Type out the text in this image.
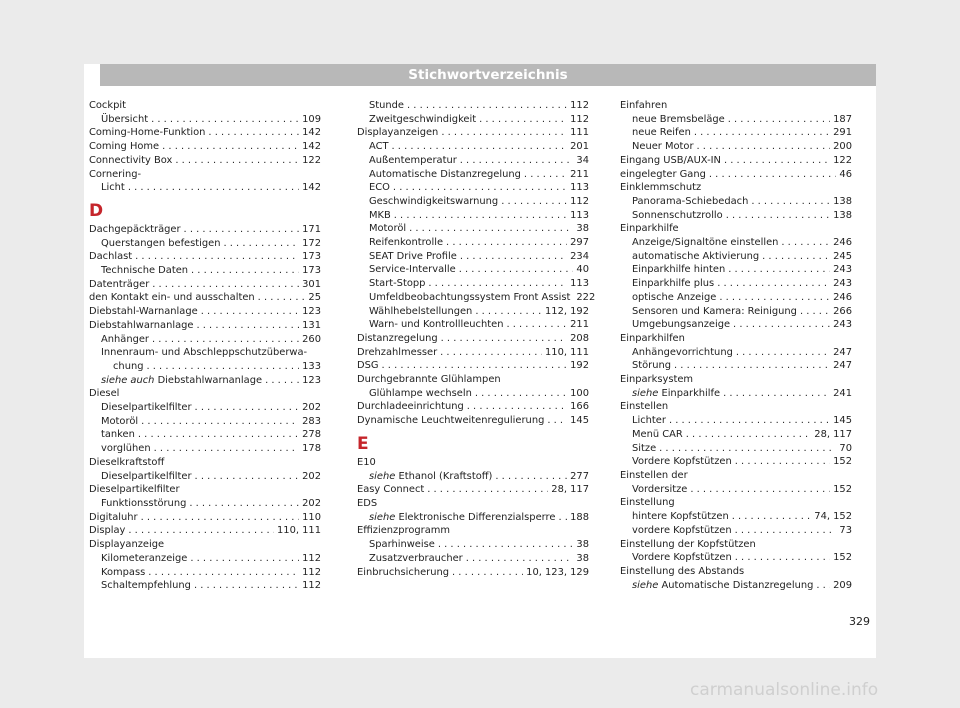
Stichwortverzeichnis
Cockpit
Übersicht . . .	109
Coming-Home-Funktion . . .	142
Coming Home . . .	142
Connectivity Box . . .	122
Cornering-
Licht . . .	142
D
Dachgepäckträger . . .	171
Querstangen befestigen . . .	172
Dachlast . . .	173
Technische Daten . . .	173
Datenträger . . .	301
den Kontakt ein- und ausschalten . . .	25
Diebstahl-Warnanlage . . .	123
Diebstahlwarnanlage . . .	131
Anhänger . . .	260
Innenraum- und Abschleppschutzüberwa-
chung . . .	133
siehe auch Diebstahlwarnanlage . . .	123
Diesel
Dieselpartikelfilter . . .	202
Motoröl . . .	283
tanken . . .	278
vorglühen . . .	178
Dieselkraftstoff
Dieselpartikelfilter . . .	202
Dieselpartikelfilter
Funktionsstörung . . .	202
Digitaluhr . . .	110
Display . . .	110, 111
Displayanzeige
Kilometeranzeige . . .	112
Kompass . . .	112
Schaltempfehlung . . .	112
Stunde . . .	112
Zweitgeschwindigkeit . . .	112
Displayanzeigen . . .	111
ACT . . .	201
Außentemperatur . . .	34
Automatische Distanzregelung . . .	211
ECO . . .	113
Geschwindigkeitswarnung . . .	112
MKB . . .	113
Motoröl . . .	38
Reifenkontrolle . . .	297
SEAT Drive Profile . . .	234
Service-Intervalle . . .	40
Start-Stopp . . .	113
Umfeldbeobachtungssystem Front Assist 222
Wählhebelstellungen . . .	112, 192
Warn- und Kontrollleuchten . . .	211
Distanzregelung . . .	208
Drehzahlmesser . . .	110, 111
DSG . . .	192
Durchgebrannte Glühlampen
Glühlampe wechseln . . .	100
Durchladeeinrichtung . . .	166
Dynamische Leuchtweitenregulierung . . .	145
E
E10
siehe Ethanol (Kraftstoff) . . .	277
Easy Connect . . .	28, 117
EDS
siehe Elektronische Differenzialsperre . . . 188
Effizienzprogramm
Sparhinweise . . .	38
Zusatzverbraucher . . .	38
Einbruchsicherung . . .	10, 123, 129
Einfahren
neue Bremsbeläge . . .	187
neue Reifen . . .	291
Neuer Motor . . .	200
Eingang USB/AUX-IN . . .	122
eingelegter Gang . . .	46
Einklemmschutz
Panorama-Schiebedach . . .	138
Sonnenschutzrollo . . .	138
Einparkhilfe
Anzeige/Signaltöne einstellen . . .	246
automatische Aktivierung . . .	245
Einparkhilfe hinten . . .	243
Einparkhilfe plus . . .	243
optische Anzeige . . .	246
Sensoren und Kamera: Reinigung . . .	266
Umgebungsanzeige . . .	243
Einparkhilfen
Anhängevorrichtung . . .	247
Störung . . .	247
Einparksystem
siehe Einparkhilfe . . .	241
Einstellen
Lichter . . .	145
Menü CAR . . .	28, 117
Sitze . . .	70
Vordere Kopfstützen . . .	152
Einstellen der
Vordersitze . . .	152
Einstellung
hintere Kopfstützen . . .	74, 152
vordere Kopfstützen . . .	73
Einstellung der Kopfstützen
Vordere Kopfstützen . . .	152
Einstellung des Abstands
siehe Automatische Distanzregelung . . . 209
329
carmanualsonline.info
